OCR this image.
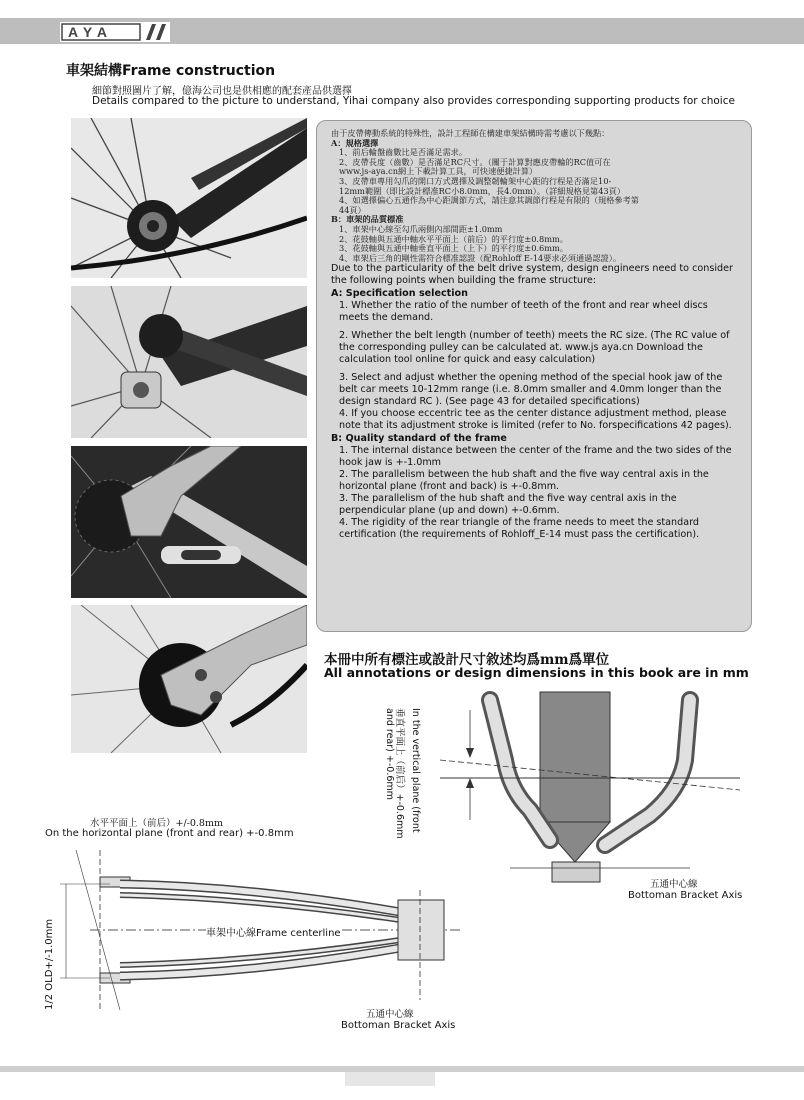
AYA
車架結構Frame construction
細節對照圖片了解，億海公司也是供相應的配套產品供選擇
Details compared to the picture to understand, Yihai company also provides corresponding supporting products for choice

由于皮帶傳動系統的特殊性，設計工程師在構建車架結構時需考慮以下幾點：

A：規格選擇

1、前后輪盤齒數比是否滿足需求。

2、皮帶長度（齒數）是否滿足RC尺寸。（關于計算對應皮帶輪的RC值可在

www.js-aya.cn網上下載計算工具，可快速便捷計算）

3、皮帶車專用勾爪的開口方式選擇及調整韌輪架中心距的行程是否滿足10-

12mm範圍（即比設計標准RC小8.0mm，長4.0mm）。（詳細規格見第43頁）

4、如選擇偏心五通作為中心距調節方式，請注意其調節行程是有限的（規格參考第

44頁）

B：車架的品質標准

1、車架中心線至勾爪兩側內部間距±1.0mm

2、花鼓軸與五通中軸水平平面上（前后）的平行度±0.8mm。

3、花鼓軸與五通中軸垂直平面上（上下）的平行度±0.6mm。

4、車架后三角的剛性需符合標准認證（配Rohloff E-14要求必須通過認證）。

Due to the particularity of the belt drive system, design engineers need to consider the following points when building the frame structure:

A: Specification selection

1. Whether the ratio of the number of teeth of the front and rear wheel discs meets the demand.

2. Whether the belt length (number of teeth) meets the RC size. (The RC value of the corresponding pulley can be calculated at. www.js aya.cn Download the calculation tool online for quick and easy calculation)

3. Select and adjust whether the opening method of the special hook jaw of the belt car meets 10-12mm range (i.e. 8.0mm smaller and 4.0mm longer than the design standard RC ). (See page 43 for detailed specifications)

4. If you choose eccentric tee as the center distance adjustment method, please note that its adjustment stroke is limited (refer to No. forspecifications 42 pages).

B: Quality standard of the frame

1. The internal distance between the center of the frame and the two sides of the hook jaw is +-1.0mm

2. The parallelism between the hub shaft and the five way central axis in the horizontal plane (front and back) is +-0.8mm.

3. The parallelism of the hub shaft and the five way central axis in the perpendicular plane (up and down) +-0.6mm.

4. The rigidity of the rear triangle of the frame needs to meet the standard certification (the requirements of Rohloff_E-14 must pass the certification).

本冊中所有標注或設計尺寸敘述均爲mm爲單位
All annotations or design dimensions in this book are in mm
垂直平面上（前后）+-0.6mm In the vertical plane (front
and rear) +-0.6mm
五通中心線
Bottoman Bracket Axis
水平平面上（前后）+/-0.8mm
On the horizontal plane (front and rear) +-0.8mm
車架中心線Frame centerline
1/2 OLD+/-1.0mm
五通中心線
Bottoman Bracket Axis
